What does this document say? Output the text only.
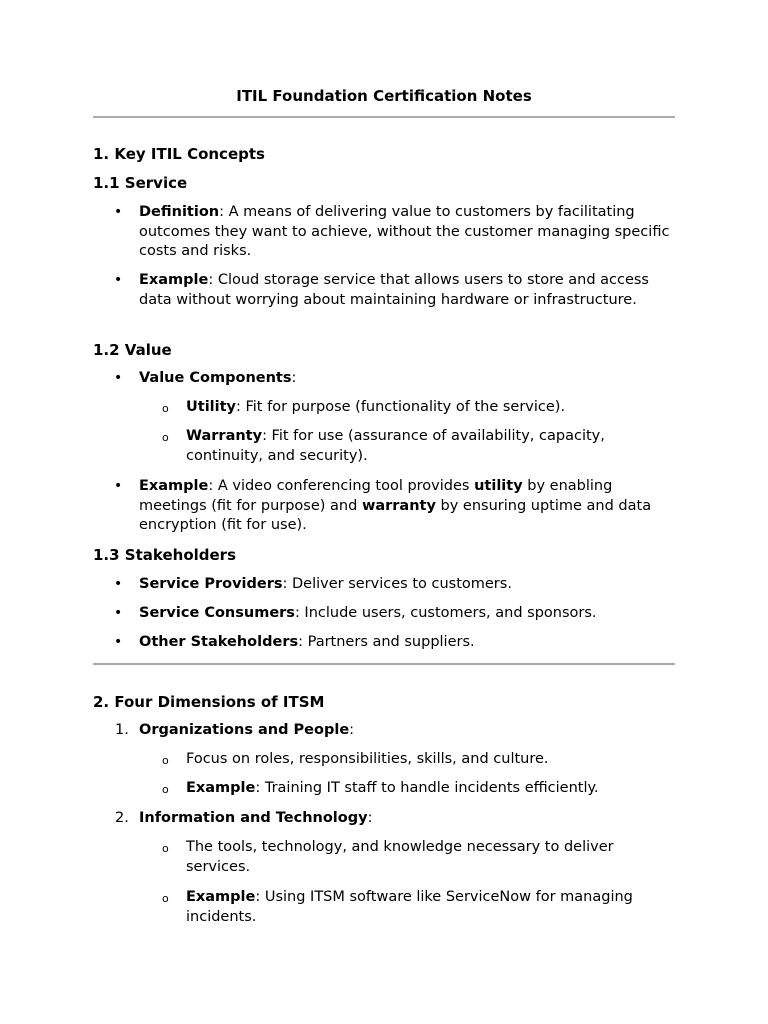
ITIL Foundation Certification Notes
1. Key ITIL Concepts
1.1 Service
• Definition: A means of delivering value to customers by facilitating outcomes they want to achieve, without the customer managing specific costs and risks.
• Example: Cloud storage service that allows users to store and access data without worrying about maintaining hardware or infrastructure.
1.2 Value
• Value Components:
o Utility: Fit for purpose (functionality of the service).
o Warranty: Fit for use (assurance of availability, capacity, continuity, and security).
• Example: A video conferencing tool provides utility by enabling meetings (fit for purpose) and warranty by ensuring uptime and data encryption (fit for use).
1.3 Stakeholders
• Service Providers: Deliver services to customers.
• Service Consumers: Include users, customers, and sponsors.
• Other Stakeholders: Partners and suppliers.
2. Four Dimensions of ITSM
1. Organizations and People:
o Focus on roles, responsibilities, skills, and culture.
o Example: Training IT staff to handle incidents efficiently.
2. Information and Technology:
o The tools, technology, and knowledge necessary to deliver services.
o Example: Using ITSM software like ServiceNow for managing incidents.
